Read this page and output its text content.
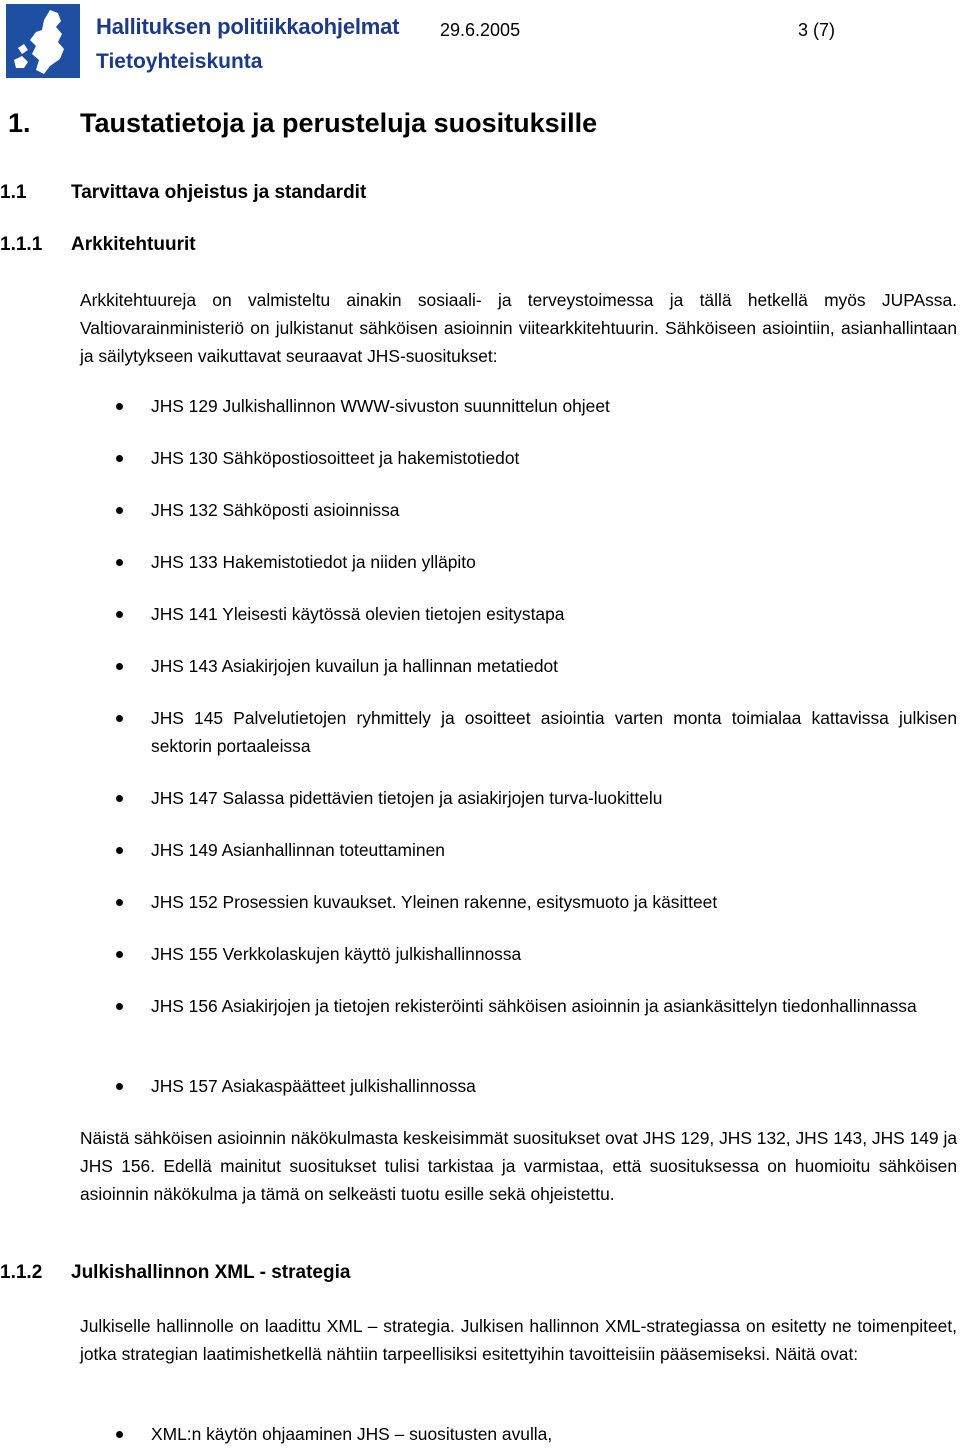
Hallituksen politiikkaohjelmat
Tietoyhteiskunta
29.6.2005	3 (7)
1. Taustatietoja ja perusteluja suosituksille
1.1 Tarvittava ohjeistus ja standardit
1.1.1 Arkkitehtuurit

Arkkitehtuureja on valmisteltu ainakin sosiaali- ja terveystoimessa ja tällä hetkellä myös JUPAssa. Valtiovarainministeriö on julkistanut sähköisen asioinnin viitearkkitehtuurin. Sähköiseen asiointiin, asianhallintaan ja säilytykseen vaikuttavat seuraavat JHS-suositukset:

JHS 129 Julkishallinnon WWW-sivuston suunnittelun ohjeet
JHS 130 Sähköpostiosoitteet ja hakemistotiedot
JHS 132 Sähköposti asioinnissa
JHS 133 Hakemistotiedot ja niiden ylläpito
JHS 141 Yleisesti käytössä olevien tietojen esitystapa
JHS 143 Asiakirjojen kuvailun ja hallinnan metatiedot
JHS 145 Palvelutietojen ryhmittely ja osoitteet asiointia varten monta toimialaa kattavissa julkisen sektorin portaaleissa
JHS 147 Salassa pidettävien tietojen ja asiakirjojen turva-luokittelu
JHS 149 Asianhallinnan toteuttaminen
JHS 152 Prosessien kuvaukset. Yleinen rakenne, esitysmuoto ja käsitteet
JHS 155 Verkkolaskujen käyttö julkishallinnossa
JHS 156 Asiakirjojen ja tietojen rekisteröinti sähköisen asioinnin ja asiankäsittelyn tiedonhallinnassa
JHS 157 Asiakaspäätteet julkishallinnossa

Näistä sähköisen asioinnin näkökulmasta keskeisimmät suositukset ovat JHS 129, JHS 132, JHS 143, JHS 149 ja JHS 156. Edellä mainitut suositukset tulisi tarkistaa ja varmistaa, että suosituksessa on huomioitu sähköisen asioinnin näkökulma ja tämä on selkeästi tuotu esille sekä ohjeistettu.

1.1.2 Julkishallinnon XML - strategia

Julkiselle hallinnolle on laadittu XML – strategia. Julkisen hallinnon XML-strategiassa on esitetty ne toimenpiteet, jotka strategian laatimishetkellä nähtiin tarpeellisiksi esitettyihin tavoitteisiin pääsemiseksi. Näitä ovat:

XML:n käytön ohjaaminen JHS – suositusten avulla,
